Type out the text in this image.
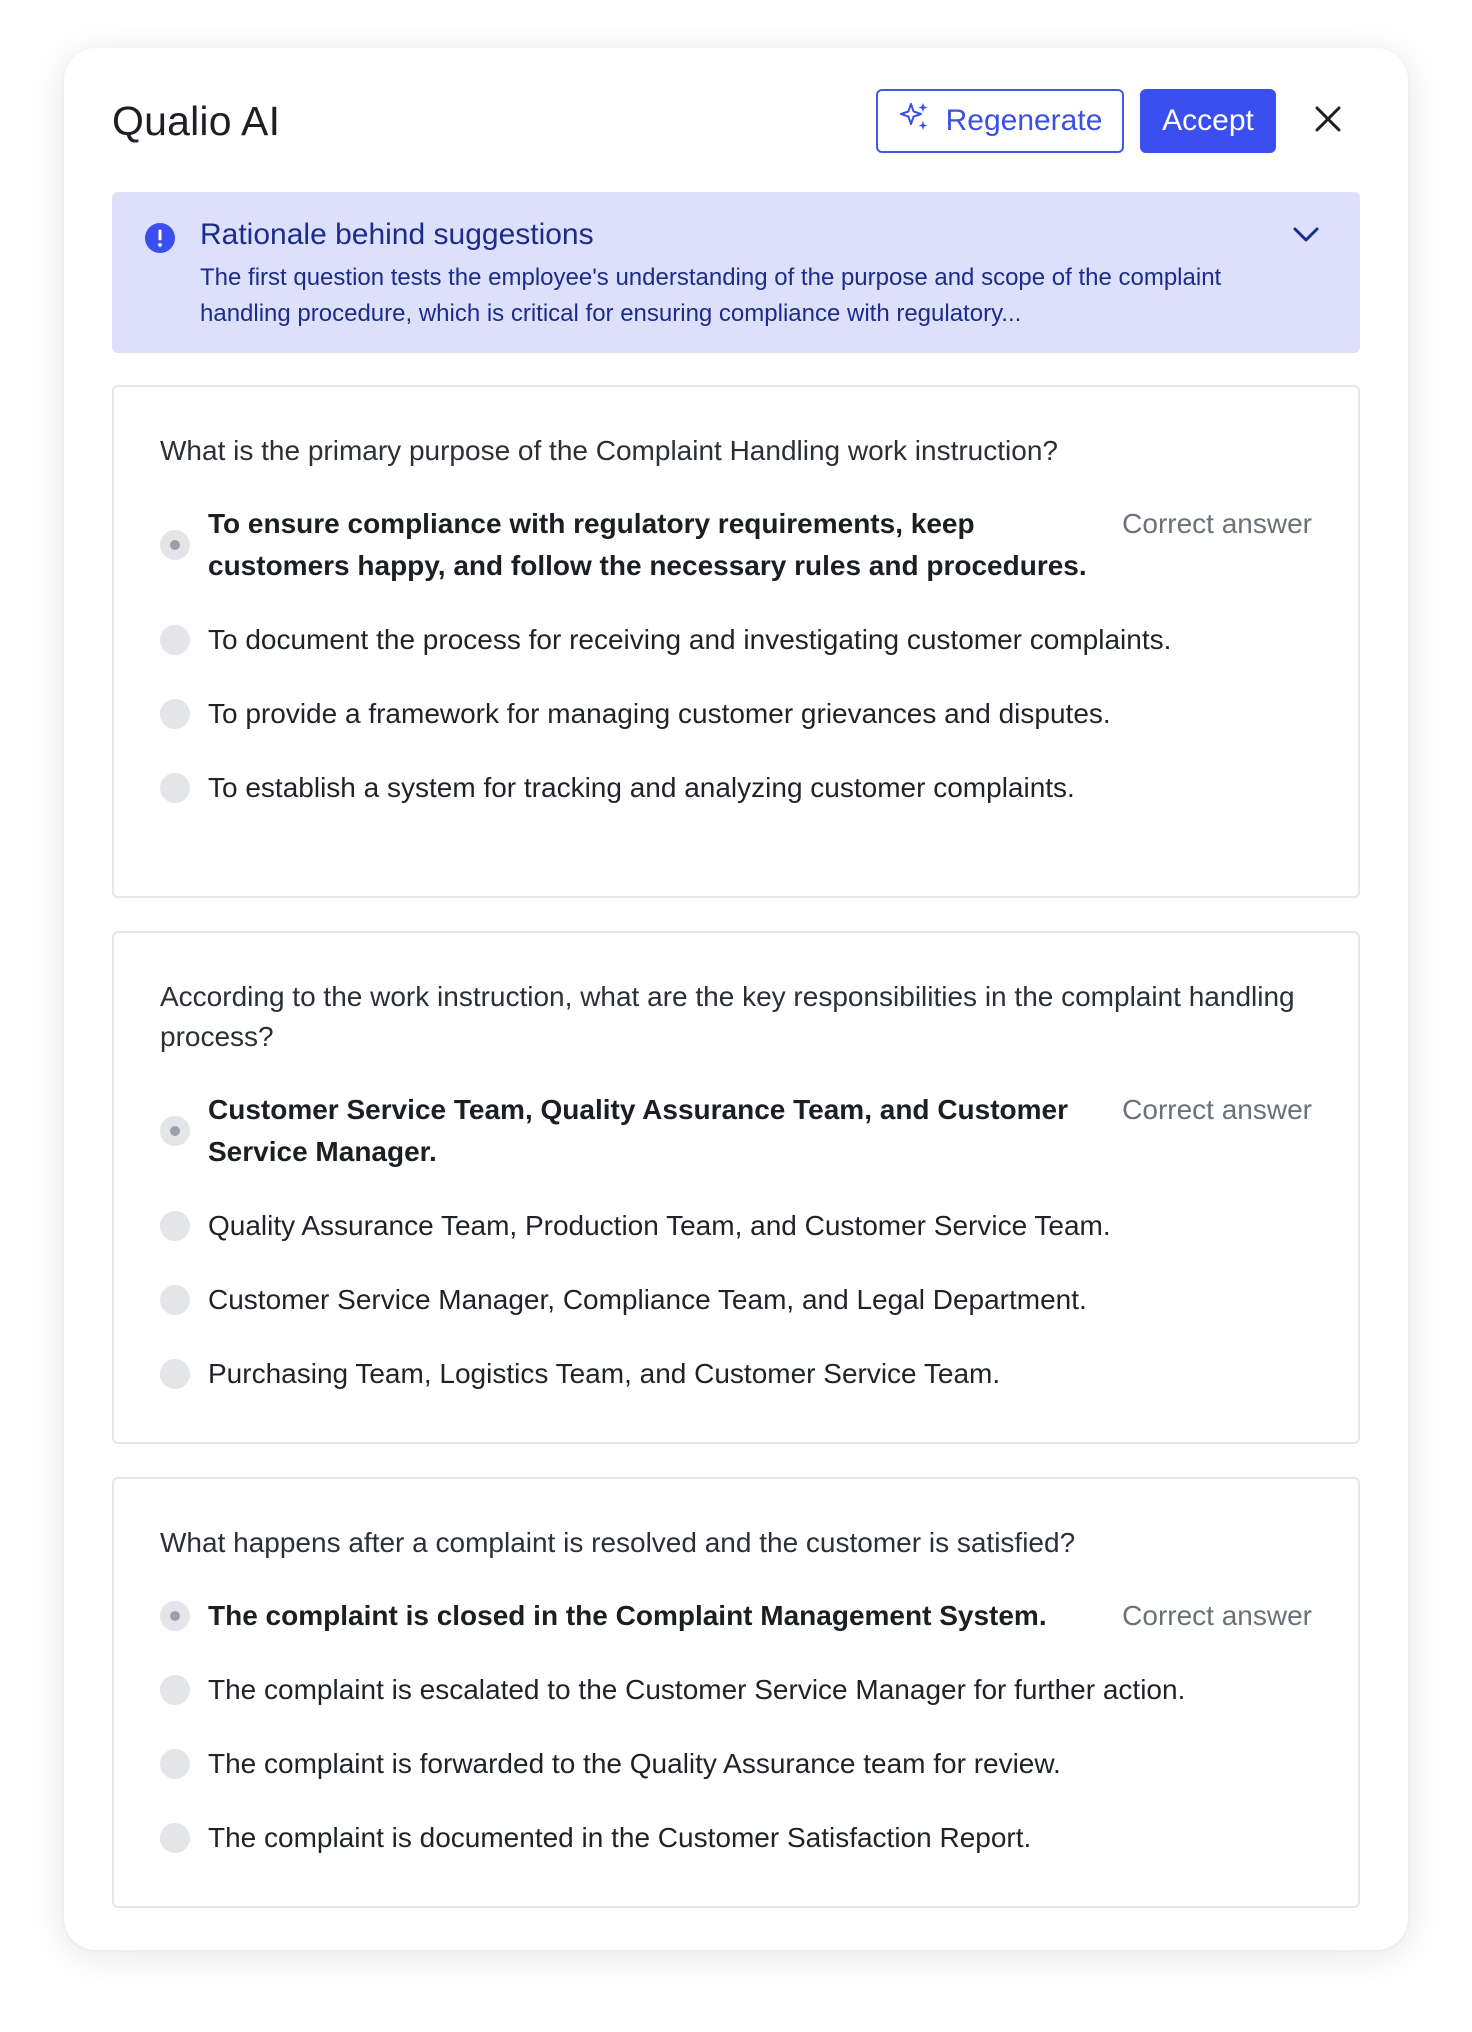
Qualio AI	Regenerate	Accept
Rationale behind suggestions
The first question tests the employee's understanding of the purpose and scope of the complaint handling procedure, which is critical for ensuring compliance with regulatory...
What is the primary purpose of the Complaint Handling work instruction?
To ensure compliance with regulatory requirements, keep customers happy, and follow the necessary rules and procedures.
Correct answer
To document the process for receiving and investigating customer complaints.
To provide a framework for managing customer grievances and disputes.
To establish a system for tracking and analyzing customer complaints.
According to the work instruction, what are the key responsibilities in the complaint handling process?
Customer Service Team, Quality Assurance Team, and Customer Service Manager.
Correct answer
Quality Assurance Team, Production Team, and Customer Service Team.
Customer Service Manager, Compliance Team, and Legal Department.
Purchasing Team, Logistics Team, and Customer Service Team.
What happens after a complaint is resolved and the customer is satisfied?
The complaint is closed in the Complaint Management System.	Correct answer
The complaint is escalated to the Customer Service Manager for further action.
The complaint is forwarded to the Quality Assurance team for review.
The complaint is documented in the Customer Satisfaction Report.
